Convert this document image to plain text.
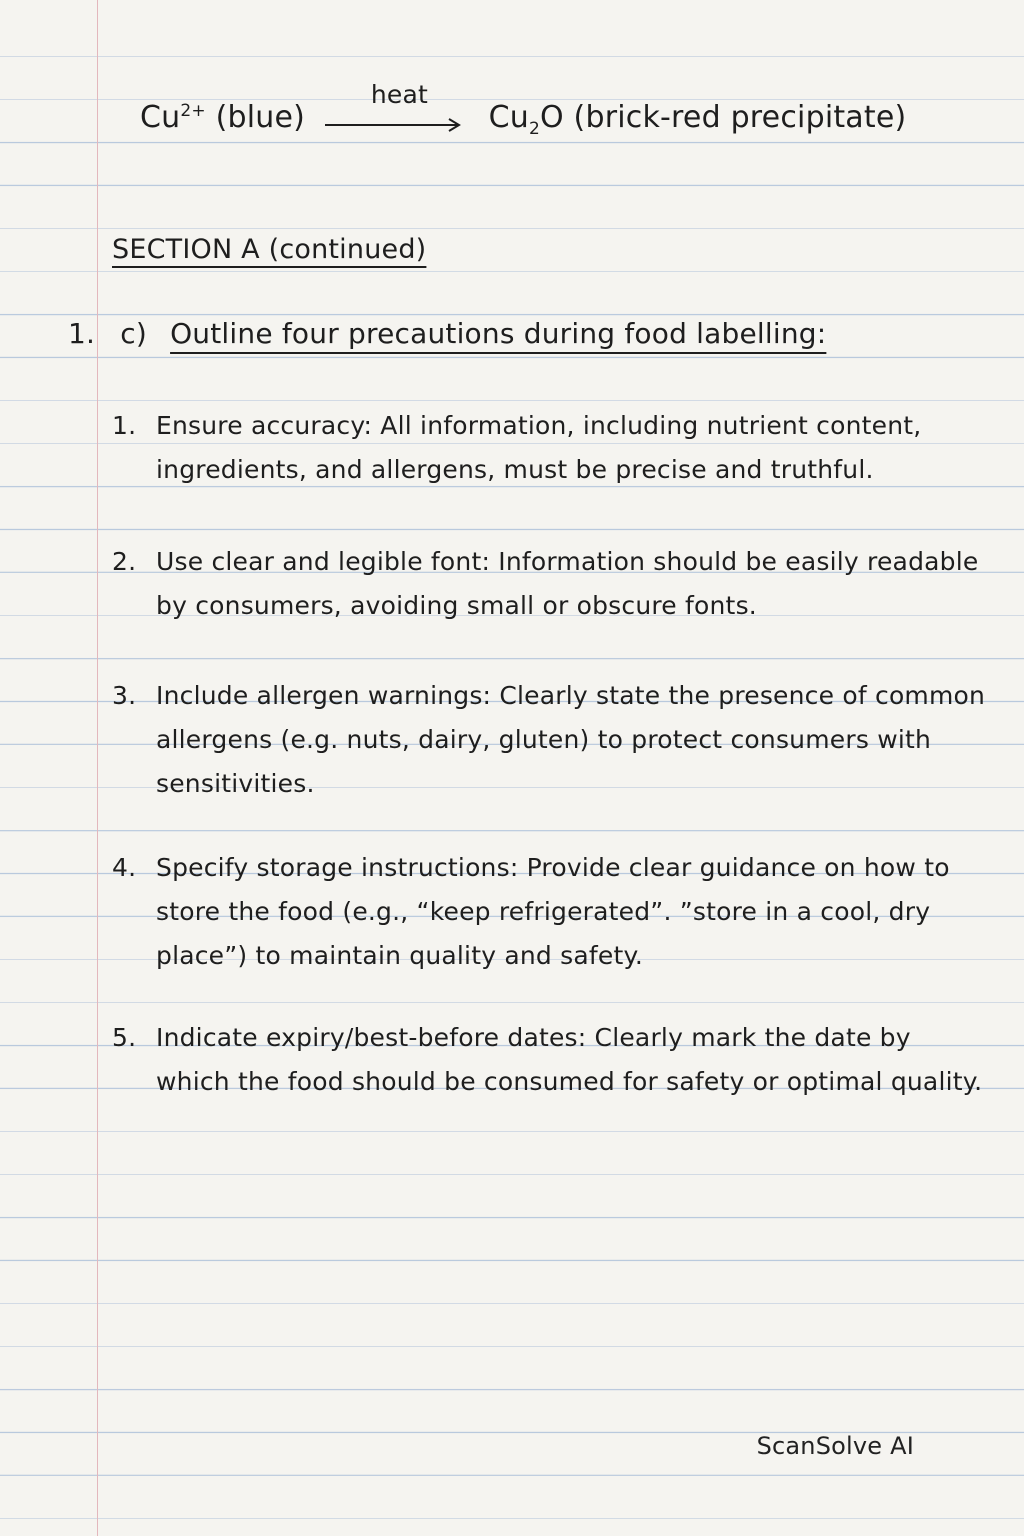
$Cu^{2+}$ (blue)
heat
$Cu_2O$ (brick-red precipitate)
SECTION A (continued)
1. c) Outline four precautions during food labelling:
1. Ensure accuracy: All information, including nutrient content, ingredients, and allergens, must be precise and truthful.
2. Use clear and legible font: Information should be easily readable by consumers, avoiding small or obscure fonts.
3. Include allergen warnings: Clearly state the presence of common allergens (e.g. nuts, dairy, gluten) to protect consumers with sensitivities.
4. Specify storage instructions: Provide clear guidance on how to store the food (e.g., “keep refrigerated”. ”store in a cool, dry place”) to maintain quality and safety.
5. Indicate expiry/best-before dates: Clearly mark the date by which the food should be consumed for safety or optimal quality.
ScanSolve AI
